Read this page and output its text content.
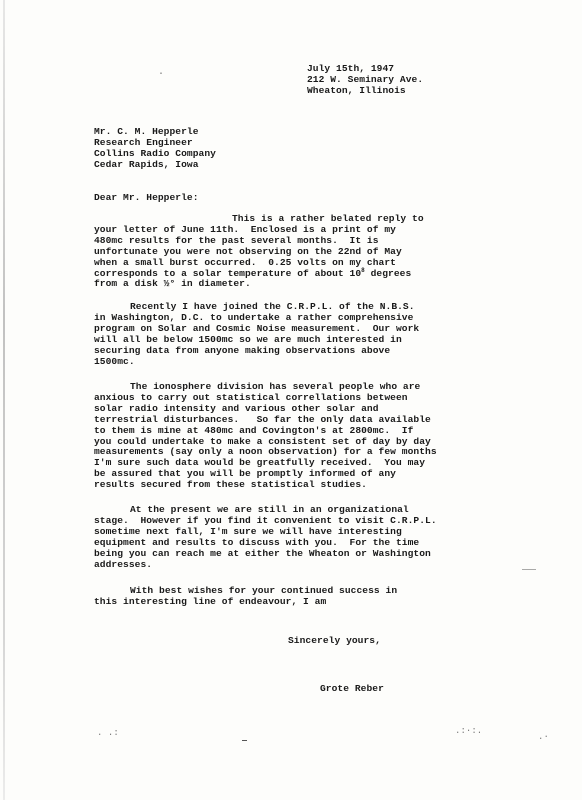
July 15th, 1947
212 W. Seminary Ave.
Wheaton, Illinois
Mr. C. M. Hepperle
Research Engineer
Collins Radio Company
Cedar Rapids, Iowa
Dear Mr. Hepperle:
This is a rather belated reply to
your letter of June 11th.  Enclosed is a print of my
480mc results for the past several months.  It is
unfortunate you were not observing on the 22nd of May
when a small burst occurred.  0.25 volts on my chart
corresponds to a solar temperature of about $10^8$ degrees
from a disk ½° in diameter.
Recently I have joined the C.R.P.L. of the N.B.S.
in Washington, D.C. to undertake a rather comprehensive
program on Solar and Cosmic Noise measurement.  Our work
will all be below 1500mc so we are much interested in
securing data from anyone making observations above
1500mc.
The ionosphere division has several people who are
anxious to carry out statistical correllations between
solar radio intensity and various other solar and
terrestrial disturbances.   So far the only data available
to them is mine at 480mc and Covington's at 2800mc.  If
you could undertake to make a consistent set of day by day
measurements (say only a noon observation) for a few months
I'm sure such data would be greatfully received.  You may
be assured that you will be promptly informed of any
results secured from these statistical studies.
At the present we are still in an organizational
stage.  However if you find it convenient to visit C.R.P.L.
sometime next fall, I'm sure we will have interesting
equipment and results to discuss with you.  For the time
being you can reach me at either the Wheaton or Washington
addresses.
With best wishes for your continued success in
this interesting line of endeavour, I am
Sincerely yours,
Grote Reber
·
. .:	.:·:.
.·
